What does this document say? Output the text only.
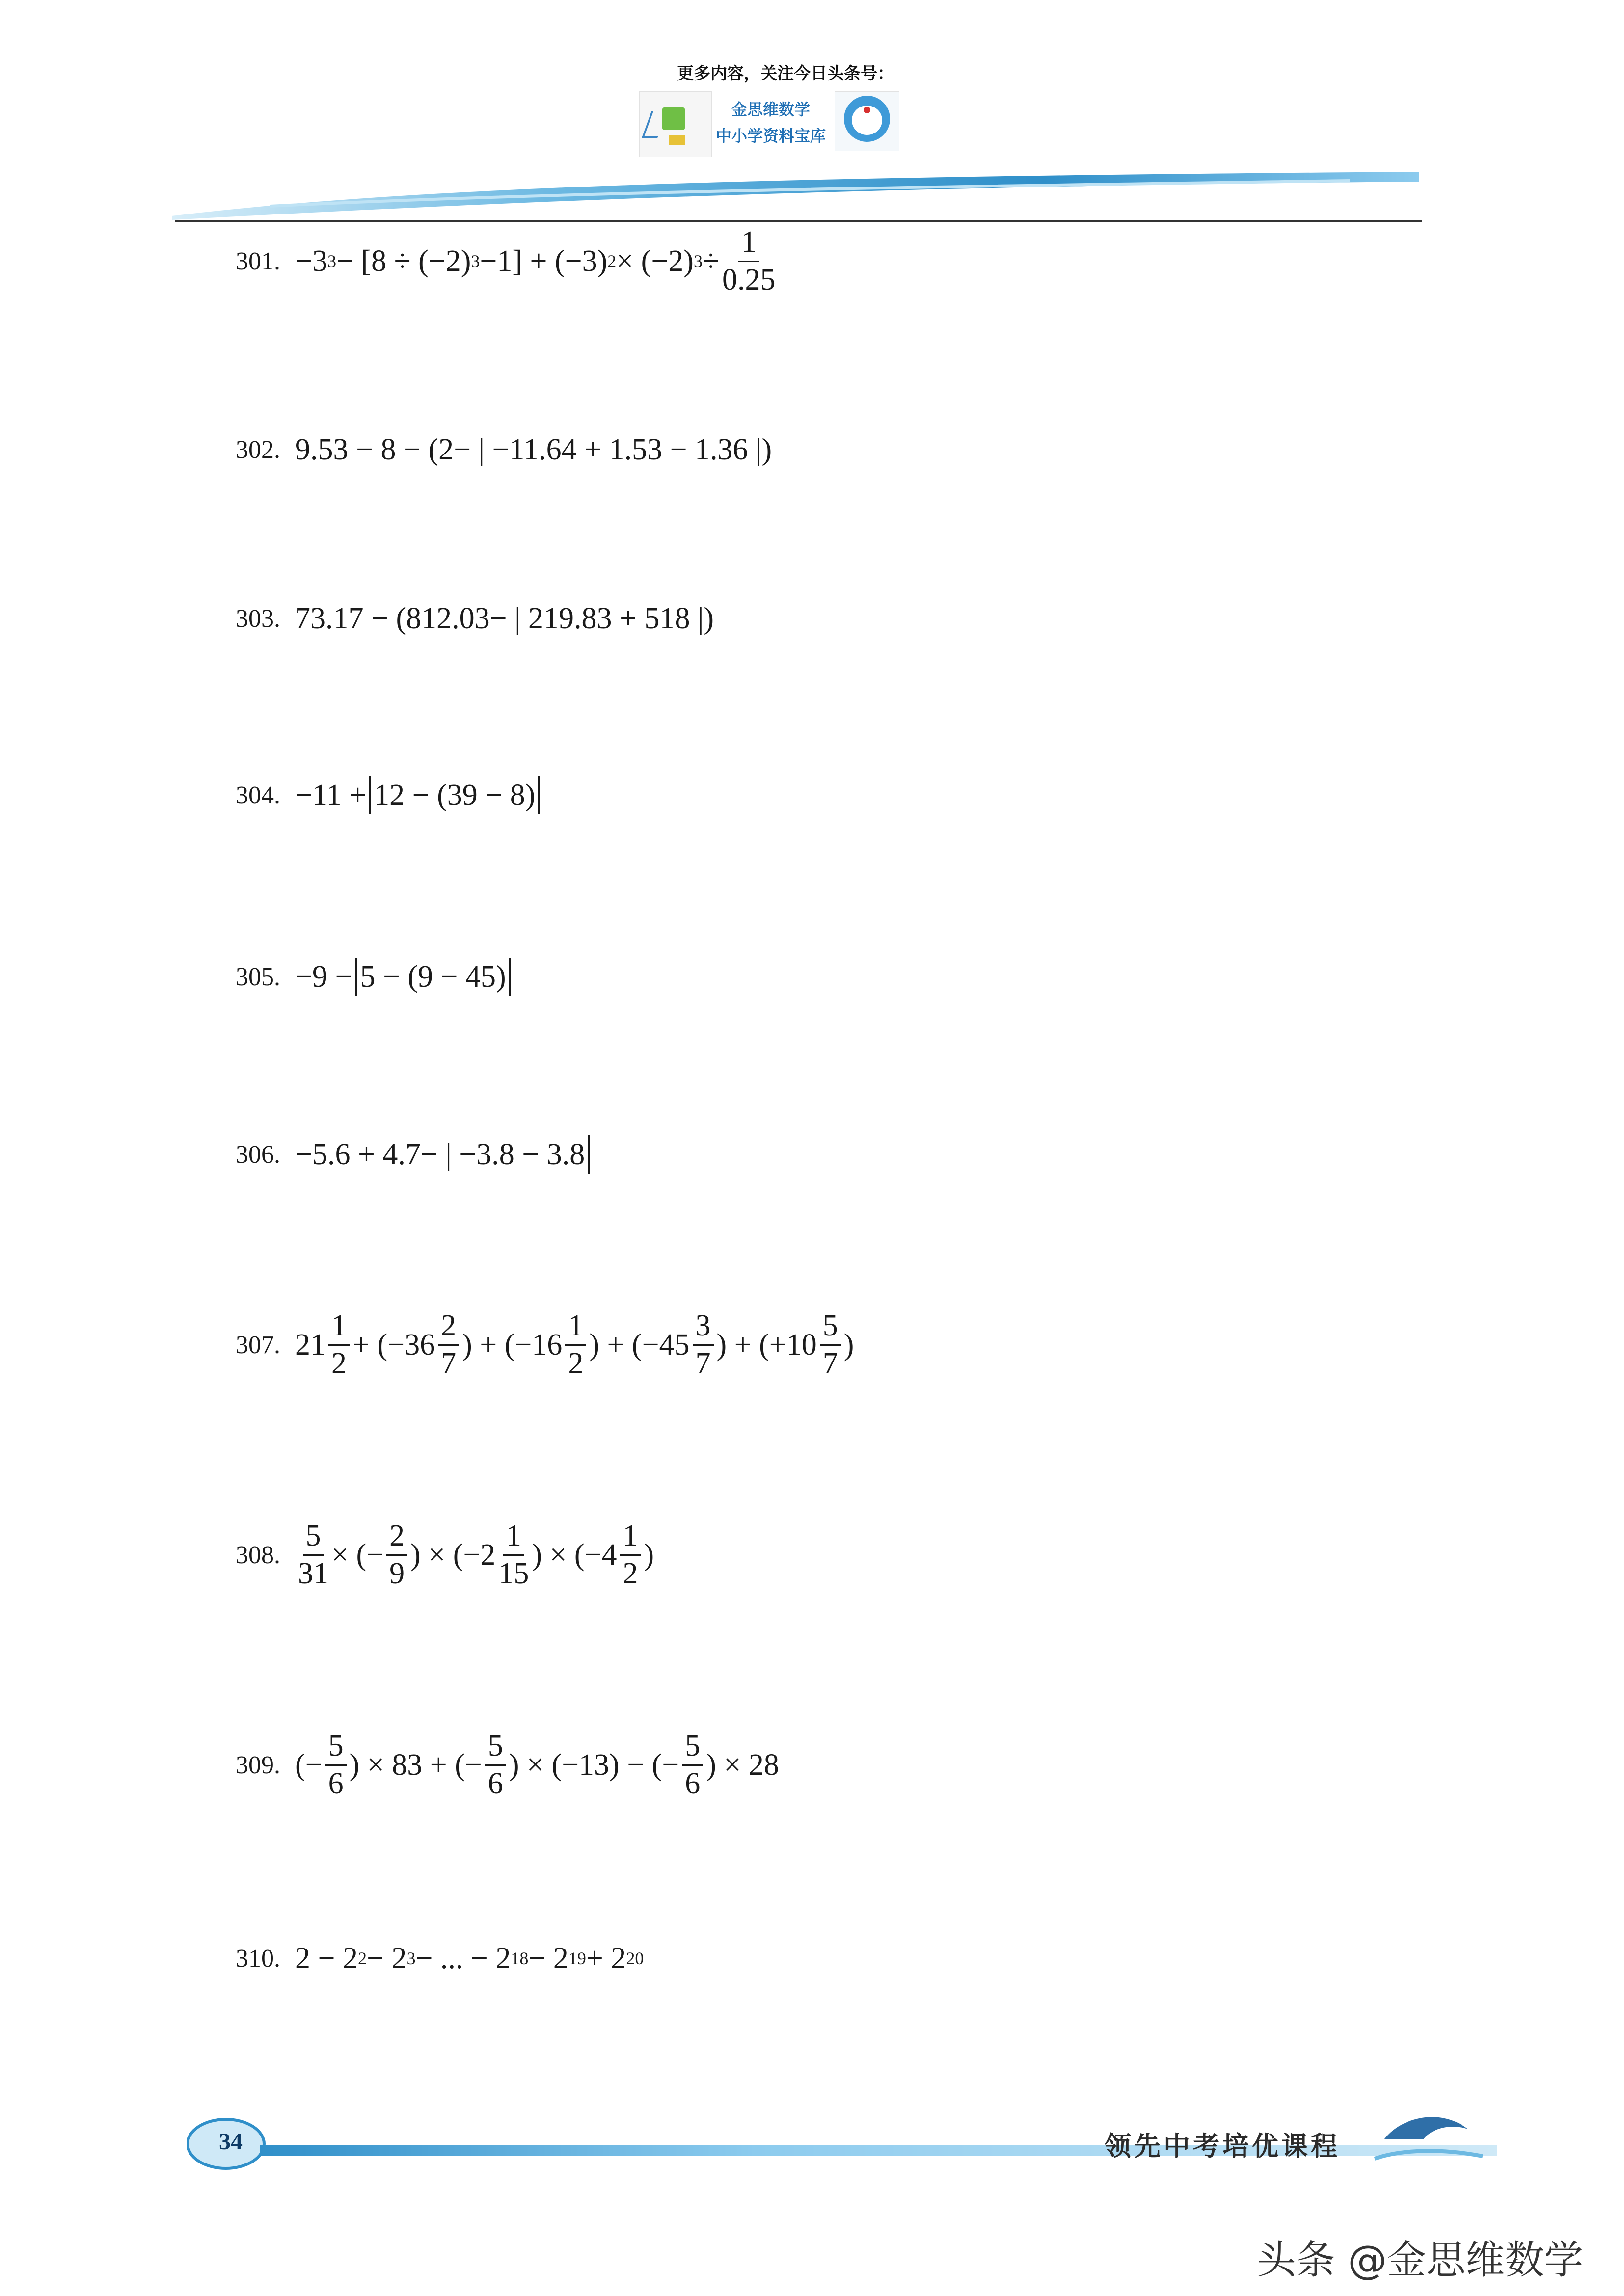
更多内容，关注今日头条号：
金思维数学
中小学资料宝库
301. −3 3 − [8 ÷ (−2) 3 −1] + (−3) 2 × (−2) $3 \div \frac{1}{0.25}$
302. 9.53 − 8 − (2− | −11.64 + 1.53 − 1.36 |)
303. 73.17 − (812.03− | 219.83 + 518 |)
304. −11 + 12 − (39 − 8)
305. −9 − 5 − (9 − 45)
306. −5.6 + 4.7− | −3.8 − 3.8
307. $21 \frac{1}{2} + (-36 \frac{2}{7}$ ) + ($-16 \frac{1}{2}$ ) + ($-45 \frac{3}{7}$ ) + ($+10 \frac{5}{7}$ )
308. $\frac{5}{31}$ × (− $\frac{2}{9}$ ) × ($-2 \frac{1}{15}$ ) × ($-4 \frac{1}{2}$ )
309. (− $\frac{5}{6}$ ) × 83 + (− $\frac{5}{6}$ ) × (−13) − (− $\frac{5}{6}$ ) × 28
310. 2 − 2 2 − 2 3 − ... − 2 18 − 2 19 + 2 20
34	领先中考培优课程
头条 @金思维数学
